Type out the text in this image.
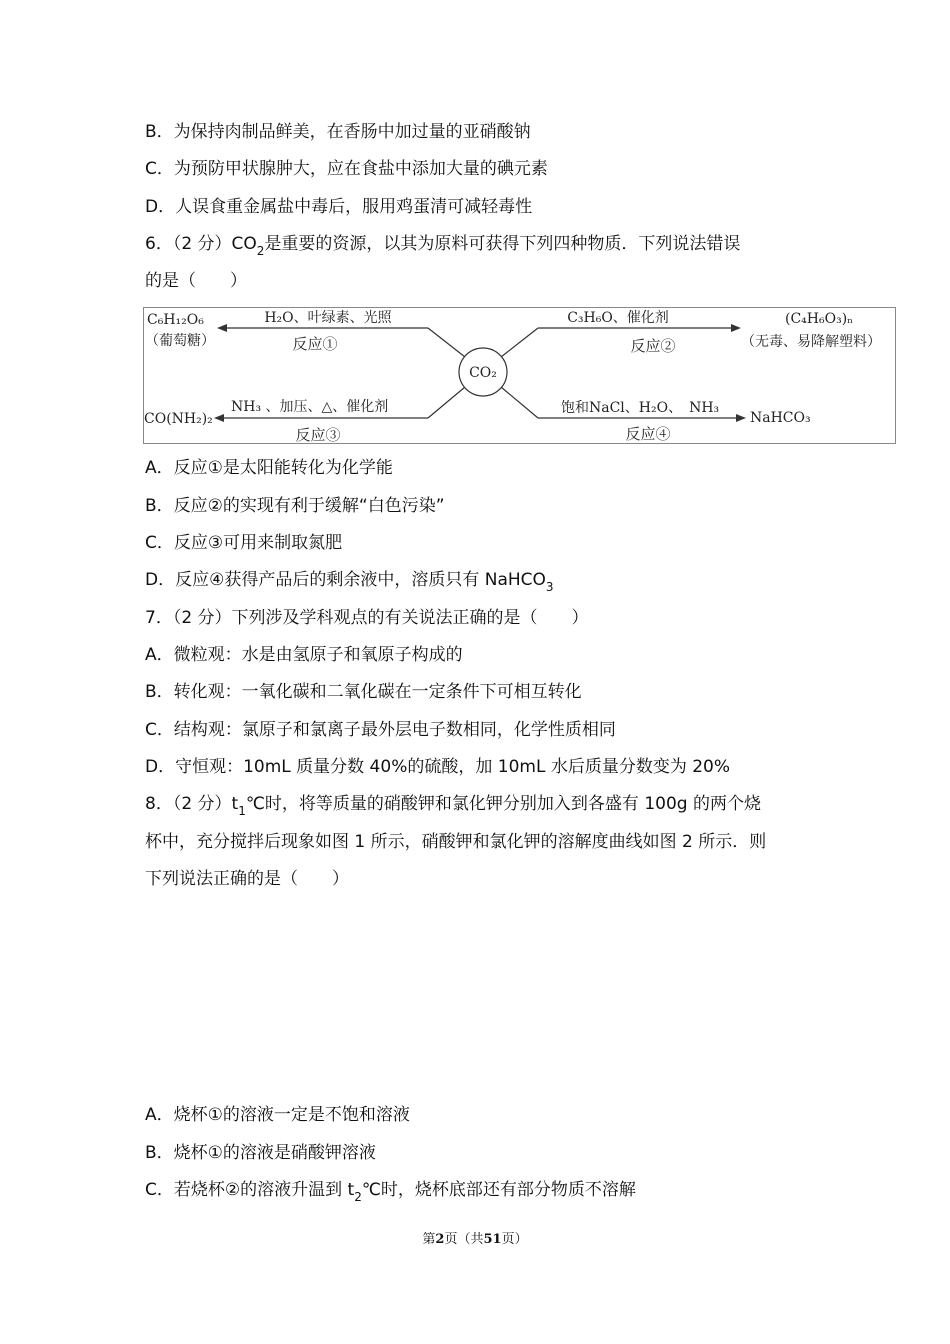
B．为保持肉制品鲜美，在香肠中加过量的亚硝酸钠
C．为预防甲状腺肿大，应在食盐中添加大量的碘元素
D．人误食重金属盐中毒后，服用鸡蛋清可减轻毒性
6．（2 分）$CO_2$是重要的资源，以其为原料可获得下列四种物质．下列说法错误
的是（　　）
CO₂
C₆H₁₂O₆
（葡萄糖）
H₂O、叶绿素、光照
反应①
C₃H₆O、催化剂
反应②
(C₄H₆O₃)ₙ
（无毒、易降解塑料）
CO(NH₂)₂
NH₃ 、加压、△、催化剂
反应③
饱和NaCl、H₂O、　NH₃
反应④
NaHCO₃
A．反应①是太阳能转化为化学能
B．反应②的实现有利于缓解“白色污染”
C．反应③可用来制取氮肥
D．反应④获得产品后的剩余液中，溶质只有 NaHCO$_3$
7．（2 分）下列涉及学科观点的有关说法正确的是（　　）
A．微粒观：水是由氢原子和氧原子构成的
B．转化观：一氧化碳和二氧化碳在一定条件下可相互转化
C．结构观：氯原子和氯离子最外层电子数相同，化学性质相同
D．守恒观：10mL 质量分数 40%的硫酸，加 10mL 水后质量分数变为 20%
8．（2 分）$t_1℃$时，将等质量的硝酸钾和氯化钾分别加入到各盛有 100g 的两个烧
杯中，充分搅拌后现象如图 1 所示，硝酸钾和氯化钾的溶解度曲线如图 2 所示．则
下列说法正确的是（　　）
A．烧杯①的溶液一定是不饱和溶液
B．烧杯①的溶液是硝酸钾溶液
C．若烧杯②的溶液升温到 $t_2℃$时，烧杯底部还有部分物质不溶解
第2页（共51页）
